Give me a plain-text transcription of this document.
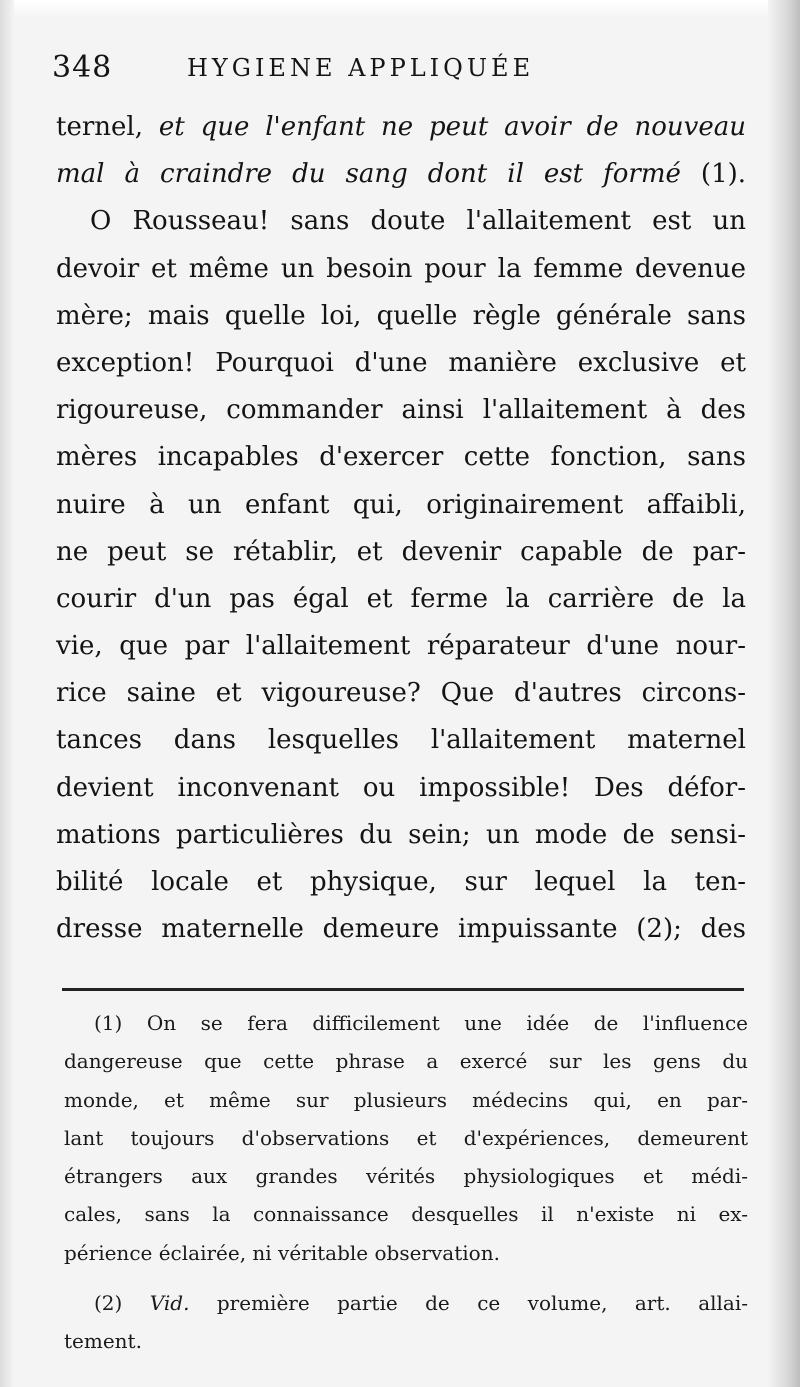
348	HYGIENE APPLIQUÉE
ternel, et que l'enfant ne peut avoir de nouveau
mal à craindre du sang dont il est formé (1).
O Rousseau! sans doute l'allaitement est un
devoir et même un besoin pour la femme devenue
mère; mais quelle loi, quelle règle générale sans
exception! Pourquoi d'une manière exclusive et
rigoureuse, commander ainsi l'allaitement à des
mères incapables d'exercer cette fonction, sans
nuire à un enfant qui, originairement affaibli,
ne peut se rétablir, et devenir capable de par-
courir d'un pas égal et ferme la carrière de la
vie, que par l'allaitement réparateur d'une nour-
rice saine et vigoureuse? Que d'autres circons-
tances dans lesquelles l'allaitement maternel
devient inconvenant ou impossible! Des défor-
mations particulières du sein; un mode de sensi-
bilité locale et physique, sur lequel la ten-
dresse maternelle demeure impuissante (2); des
(1) On se fera difficilement une idée de l'influence
dangereuse que cette phrase a exercé sur les gens du
monde, et même sur plusieurs médecins qui, en par-
lant toujours d'observations et d'expériences, demeurent
étrangers aux grandes vérités physiologiques et médi-
cales, sans la connaissance desquelles il n'existe ni ex-
périence éclairée, ni véritable observation.
(2) Vid. première partie de ce volume, art. allai-
tement.
